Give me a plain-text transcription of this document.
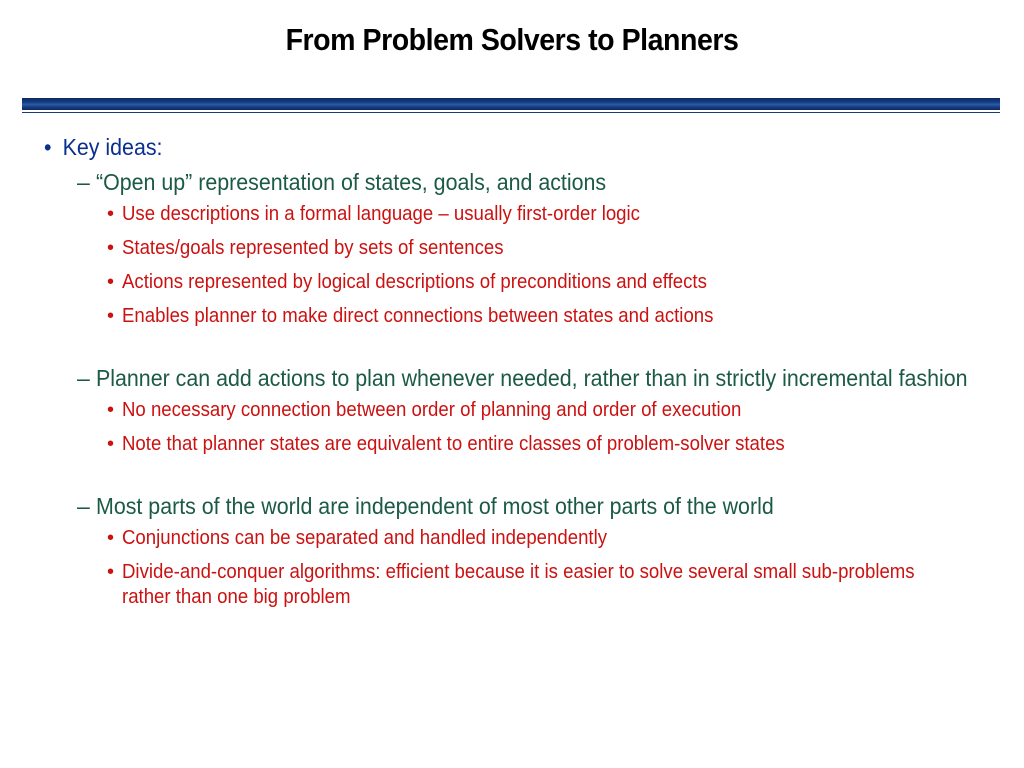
From Problem Solvers to Planners
• Key ideas:
– “Open up” representation of states, goals, and actions
• Use descriptions in a formal language – usually first-order logic
• States/goals represented by sets of sentences
• Actions represented by logical descriptions of preconditions and effects
• Enables planner to make direct connections between states and actions
– Planner can add actions to plan whenever needed, rather than in strictly incremental fashion
• No necessary connection between order of planning and order of execution
• Note that planner states are equivalent to entire classes of problem-solver states
– Most parts of the world are independent of most other parts of the world
• Conjunctions can be separated and handled independently
• Divide-and-conquer algorithms: efficient because it is easier to solve several small sub-problems rather than one big problem
